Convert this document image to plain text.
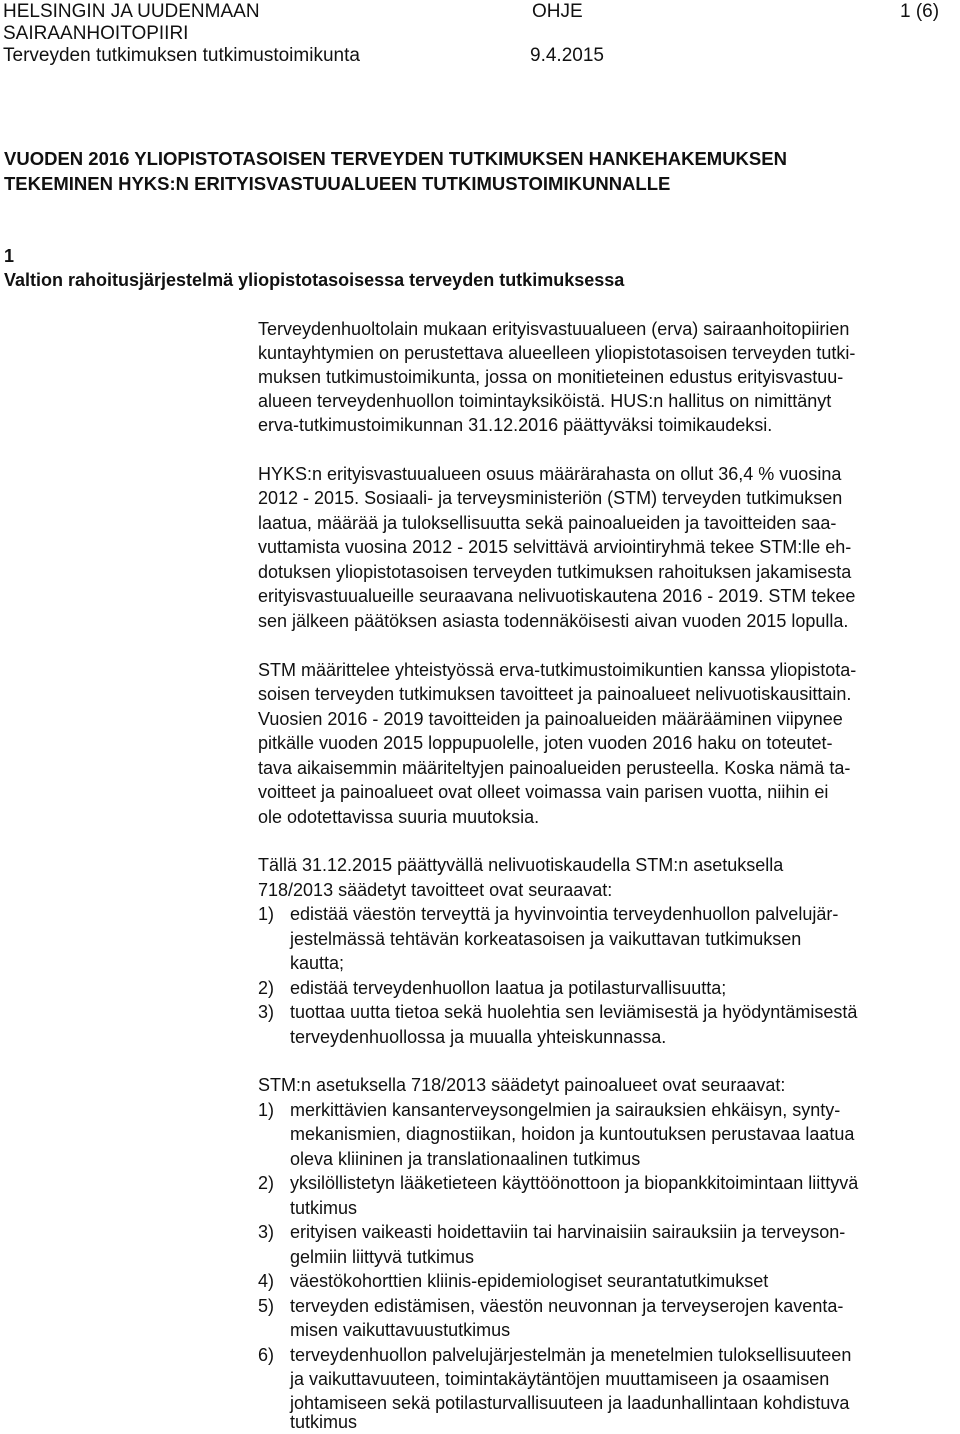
HELSINGIN JA UUDENMAAN
SAIRAANHOITOPIIRI
Terveyden tutkimuksen tutkimustoimikunta
OHJE	1 (6)
9.4.2015
VUODEN 2016 YLIOPISTOTASOISEN TERVEYDEN TUTKIMUKSEN HANKEHAKEMUKSEN
TEKEMINEN HYKS:N ERITYISVASTUUALUEEN TUTKIMUSTOIMIKUNNALLE
1
Valtion rahoitusjärjestelmä yliopistotasoisessa terveyden tutkimuksessa
Terveydenhuoltolain mukaan erityisvastuualueen (erva) sairaanhoitopiirien
kuntayhtymien on perustettava alueelleen yliopistotasoisen terveyden tutki-
muksen tutkimustoimikunta, jossa on monitieteinen edustus erityisvastuu-
alueen terveydenhuollon toimintayksiköistä. HUS:n hallitus on nimittänyt
erva-tutkimustoimikunnan 31.12.2016 päättyväksi toimikaudeksi.
HYKS:n erityisvastuualueen osuus määrärahasta on ollut 36,4 % vuosina
2012 - 2015. Sosiaali- ja terveysministeriön (STM) terveyden tutkimuksen
laatua, määrää ja tuloksellisuutta sekä painoalueiden ja tavoitteiden saa-
vuttamista vuosina 2012 - 2015 selvittävä arviointiryhmä tekee STM:lle eh-
dotuksen yliopistotasoisen terveyden tutkimuksen rahoituksen jakamisesta
erityisvastuualueille seuraavana nelivuotiskautena 2016 - 2019. STM tekee
sen jälkeen päätöksen asiasta todennäköisesti aivan vuoden 2015 lopulla.
STM määrittelee yhteistyössä erva-tutkimustoimikuntien kanssa yliopistota-
soisen terveyden tutkimuksen tavoitteet ja painoalueet nelivuotiskausittain.
Vuosien 2016 - 2019 tavoitteiden ja painoalueiden määrääminen viipynee
pitkälle vuoden 2015 loppupuolelle, joten vuoden 2016 haku on toteutet-
tava aikaisemmin määriteltyjen painoalueiden perusteella. Koska nämä ta-
voitteet ja painoalueet ovat olleet voimassa vain parisen vuotta, niihin ei
ole odotettavissa suuria muutoksia.
Tällä 31.12.2015 päättyvällä nelivuotiskaudella STM:n asetuksella
718/2013 säädetyt tavoitteet ovat seuraavat:
1) edistää väestön terveyttä ja hyvinvointia terveydenhuollon palvelujär-
jestelmässä tehtävän korkeatasoisen ja vaikuttavan tutkimuksen
kautta;
2) edistää terveydenhuollon laatua ja potilasturvallisuutta;
3) tuottaa uutta tietoa sekä huolehtia sen leviämisestä ja hyödyntämisestä
terveydenhuollossa ja muualla yhteiskunnassa.
STM:n asetuksella 718/2013 säädetyt painoalueet ovat seuraavat:
1) merkittävien kansanterveysongelmien ja sairauksien ehkäisyn, synty-
mekanismien, diagnostiikan, hoidon ja kuntoutuksen perustavaa laatua
oleva kliininen ja translationaalinen tutkimus
2) yksilöllistetyn lääketieteen käyttöönottoon ja biopankkitoimintaan liittyvä
tutkimus
3) erityisen vaikeasti hoidettaviin tai harvinaisiin sairauksiin ja terveyson-
gelmiin liittyvä tutkimus
4) väestökohorttien kliinis-epidemiologiset seurantatutkimukset
5) terveyden edistämisen, väestön neuvonnan ja terveyserojen kaventa-
misen vaikuttavuustutkimus
6) terveydenhuollon palvelujärjestelmän ja menetelmien tuloksellisuuteen
ja vaikuttavuuteen, toimintakäytäntöjen muuttamiseen ja osaamisen
johtamiseen sekä potilasturvallisuuteen ja laadunhallintaan kohdistuva
tutkimus
